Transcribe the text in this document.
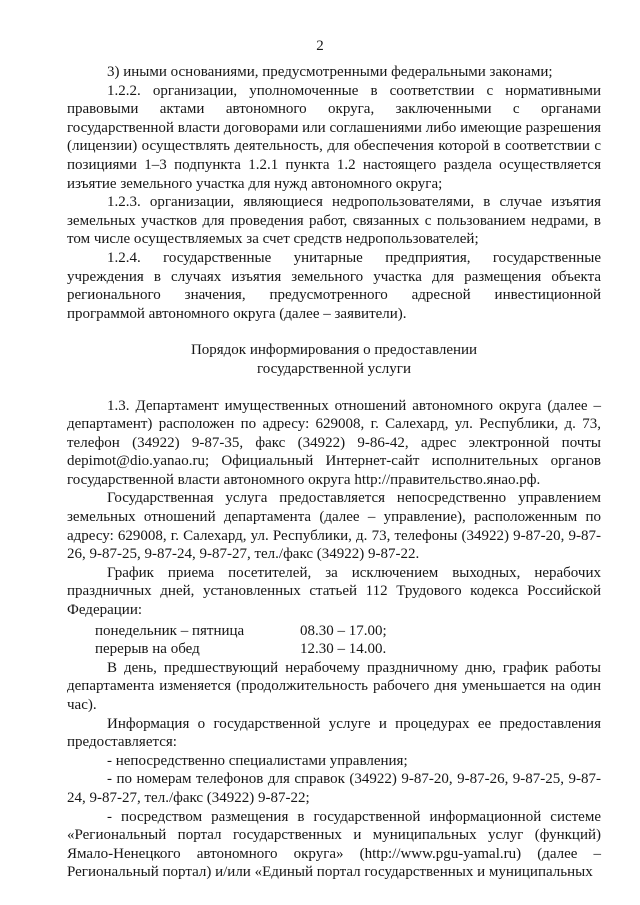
2

3) иными основаниями, предусмотренными федеральными законами;

1.2.2. организации, уполномоченные в соответствии с нормативными правовыми актами автономного округа, заключенными с органами государственной власти договорами или соглашениями либо имеющие разрешения (лицензии) осуществлять деятельность, для обеспечения которой в соответствии с позициями 1–3 подпункта 1.2.1 пункта 1.2 настоящего раздела осуществляется изъятие земельного участка для нужд автономного округа;

1.2.3. организации, являющиеся недропользователями, в случае изъятия земельных участков для проведения работ, связанных с пользованием недрами, в том числе осуществляемых за счет средств недропользователей;

1.2.4. государственные унитарные предприятия, государственные учреждения в случаях изъятия земельного участка для размещения объекта регионального значения, предусмотренного адресной инвестиционной программой автономного округа (далее – заявители).

Порядок информирования о предоставлении
государственной услуги

1.3. Департамент имущественных отношений автономного округа (далее – департамент) расположен по адресу: 629008, г. Салехард, ул. Республики, д. 73, телефон (34922) 9-87-35, факс (34922) 9-86-42, адрес электронной почты depimot@dio.yanao.ru; Официальный Интернет-сайт исполнительных органов государственной власти автономного округа http://правительство.янао.рф.

Государственная услуга предоставляется непосредственно управлением земельных отношений департамента (далее – управление), расположенным по адресу: 629008, г. Салехард, ул. Республики, д. 73, телефоны (34922) 9-87-20, 9-87-26, 9-87-25, 9-87-24, 9-87-27, тел./факс (34922) 9-87-22.

График приема посетителей, за исключением выходных, нерабочих праздничных дней, установленных статьей 112 Трудового кодекса Российской Федерации:

понедельник – пятница	08.30 – 17.00;
перерыв на обед	12.30 – 14.00.

В день, предшествующий нерабочему праздничному дню, график работы департамента изменяется (продолжительность рабочего дня уменьшается на один час).

Информация о государственной услуге и процедурах ее предоставления предоставляется:

- непосредственно специалистами управления;

- по номерам телефонов для справок (34922) 9-87-20, 9-87-26, 9-87-25, 9-87-24, 9-87-27, тел./факс (34922) 9-87-22;

- посредством размещения в государственной информационной системе «Региональный портал государственных и муниципальных услуг (функций) Ямало-Ненецкого автономного округа» (http://www.pgu-yamal.ru) (далее – Региональный портал) и/или «Единый портал государственных и муниципальных
